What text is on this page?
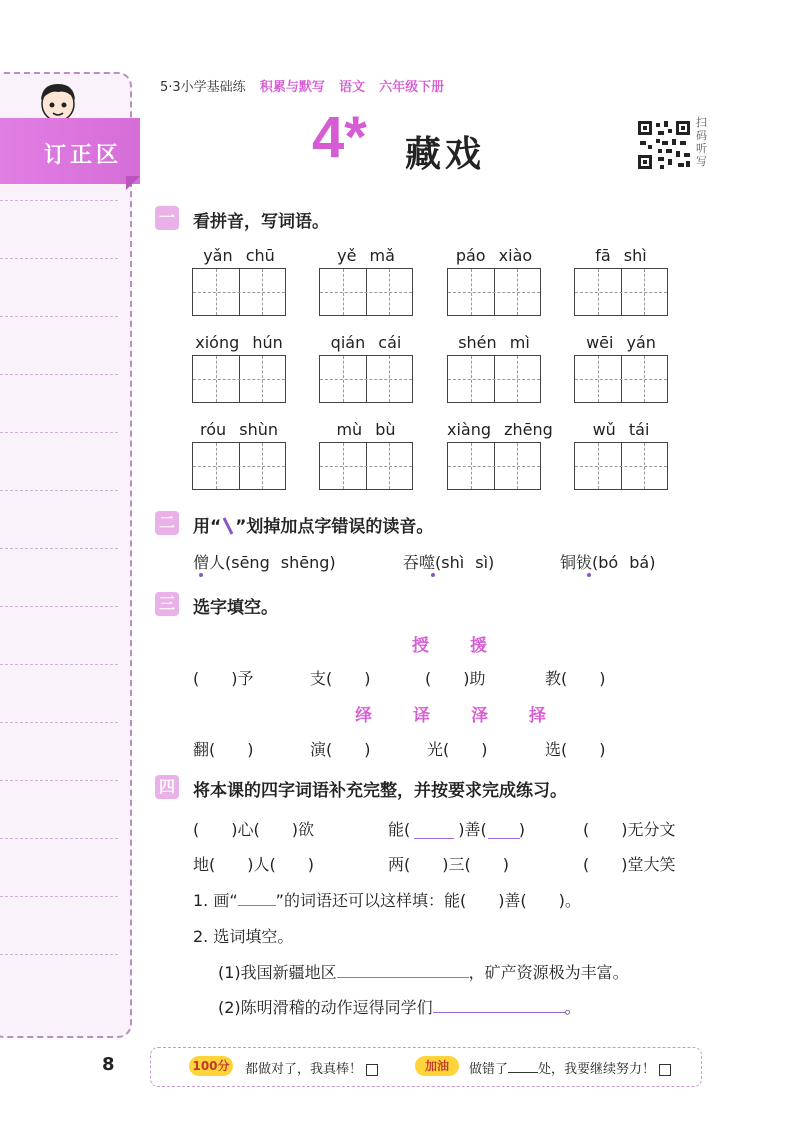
订正区
5·3小学基础练 积累与默写 语文 六年级下册
4* 藏戏
扫码听写
一 看拼音，写词语。
yǎn chū	yě mǎ	páo xiào	fā shì
xióng hún	qián cái	shén mì	wēi yán
róu shùn	mù bù	xiàng zhēng	wǔ tái
二 用“ ”划掉加点字错误的读音。
僧人(sēng shēng)	吞噬(shì sì)	铜钹(bó bá)
三 选字填空。
授 援
(　　)予	支(　　)	(　　)助	教(　　)
绎 译 泽 择
翻(　　)	演(　　)	光(　　)	选(　　)
四 将本课的四字词语补充完整，并按要求完成练习。
(　　)心(　　)欲	能(　　　)善(　　)	(　　)无分文
地(　　)人(　　)	两(　　)三(　　)	(　　)堂大笑
1. 画“ ”的词语还可以这样填：能(　　)善(　　)。
2. 选词填空。
(1)我国新疆地区	，矿产资源极为丰富。
(2)陈明滑稽的动作逗得同学们	。
8	100分 都做对了，我真棒！	加油	做错了 处，我要继续努力！
